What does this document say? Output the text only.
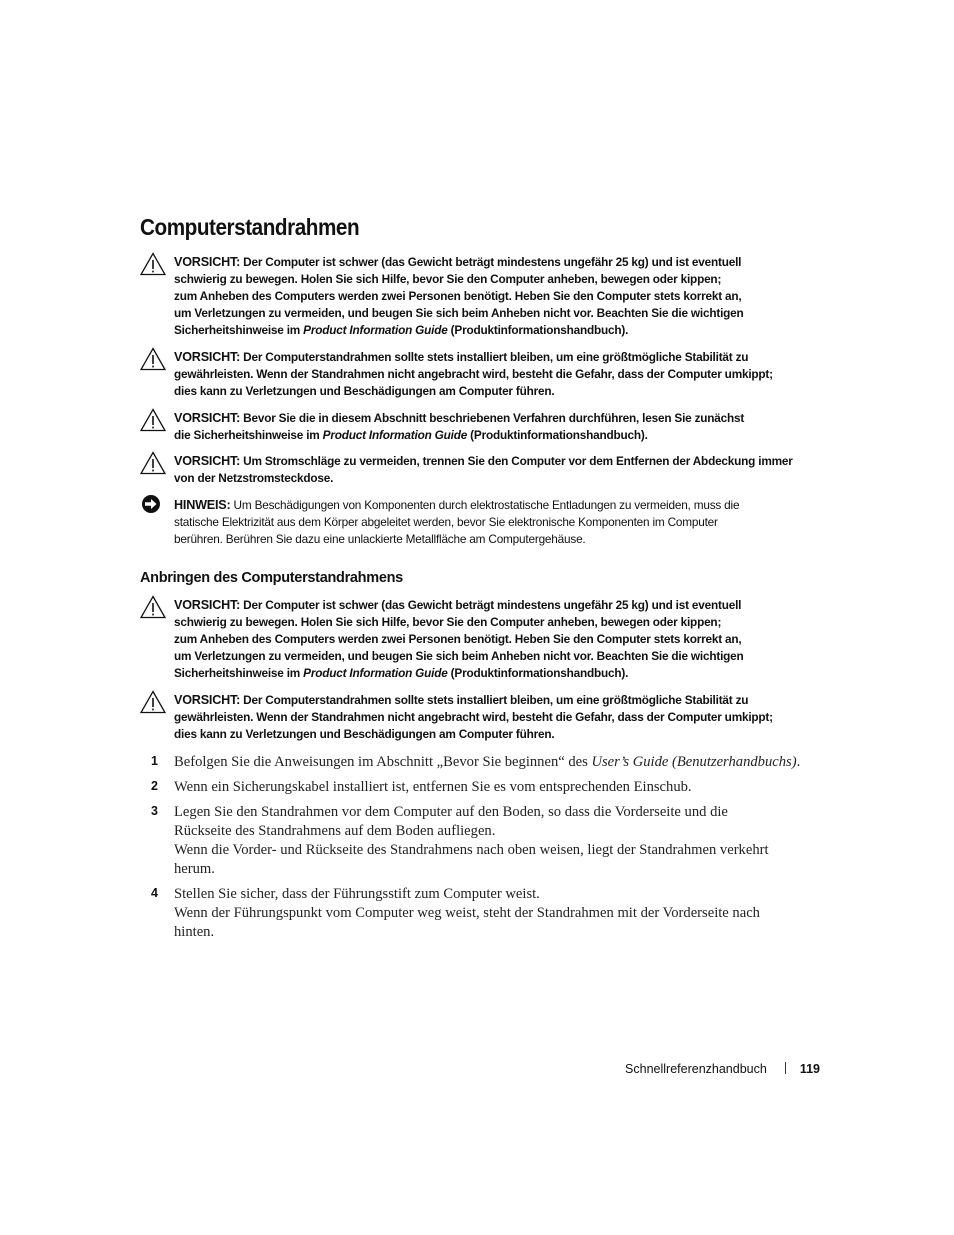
Computerstandrahmen
VORSICHT: Der Computer ist schwer (das Gewicht beträgt mindestens ungefähr 25 kg) und ist eventuell
schwierig zu bewegen. Holen Sie sich Hilfe, bevor Sie den Computer anheben, bewegen oder kippen;
zum Anheben des Computers werden zwei Personen benötigt. Heben Sie den Computer stets korrekt an,
um Verletzungen zu vermeiden, und beugen Sie sich beim Anheben nicht vor. Beachten Sie die wichtigen
Sicherheitshinweise im Product Information Guide (Produktinformationshandbuch).
VORSICHT: Der Computerstandrahmen sollte stets installiert bleiben, um eine größtmögliche Stabilität zu
gewährleisten. Wenn der Standrahmen nicht angebracht wird, besteht die Gefahr, dass der Computer umkippt;
dies kann zu Verletzungen und Beschädigungen am Computer führen.
VORSICHT: Bevor Sie die in diesem Abschnitt beschriebenen Verfahren durchführen, lesen Sie zunächst
die Sicherheitshinweise im Product Information Guide (Produktinformationshandbuch).
VORSICHT: Um Stromschläge zu vermeiden, trennen Sie den Computer vor dem Entfernen der Abdeckung immer
von der Netzstromsteckdose.
HINWEIS: Um Beschädigungen von Komponenten durch elektrostatische Entladungen zu vermeiden, muss die
statische Elektrizität aus dem Körper abgeleitet werden, bevor Sie elektronische Komponenten im Computer
berühren. Berühren Sie dazu eine unlackierte Metallfläche am Computergehäuse.
Anbringen des Computerstandrahmens
VORSICHT: Der Computer ist schwer (das Gewicht beträgt mindestens ungefähr 25 kg) und ist eventuell
schwierig zu bewegen. Holen Sie sich Hilfe, bevor Sie den Computer anheben, bewegen oder kippen;
zum Anheben des Computers werden zwei Personen benötigt. Heben Sie den Computer stets korrekt an,
um Verletzungen zu vermeiden, und beugen Sie sich beim Anheben nicht vor. Beachten Sie die wichtigen
Sicherheitshinweise im Product Information Guide (Produktinformationshandbuch).
VORSICHT: Der Computerstandrahmen sollte stets installiert bleiben, um eine größtmögliche Stabilität zu
gewährleisten. Wenn der Standrahmen nicht angebracht wird, besteht die Gefahr, dass der Computer umkippt;
dies kann zu Verletzungen und Beschädigungen am Computer führen.
1 Befolgen Sie die Anweisungen im Abschnitt „Bevor Sie beginnen“ des User’s Guide (Benutzerhandbuchs).

2 Wenn ein Sicherungskabel installiert ist, entfernen Sie es vom entsprechenden Einschub.

3 Legen Sie den Standrahmen vor dem Computer auf den Boden, so dass die Vorderseite und die
Rückseite des Standrahmens auf dem Boden aufliegen.
Wenn die Vorder- und Rückseite des Standrahmens nach oben weisen, liegt der Standrahmen verkehrt
herum.

4 Stellen Sie sicher, dass der Führungsstift zum Computer weist.
Wenn der Führungspunkt vom Computer weg weist, steht der Standrahmen mit der Vorderseite nach
hinten.

Schnellreferenzhandbuch	119
